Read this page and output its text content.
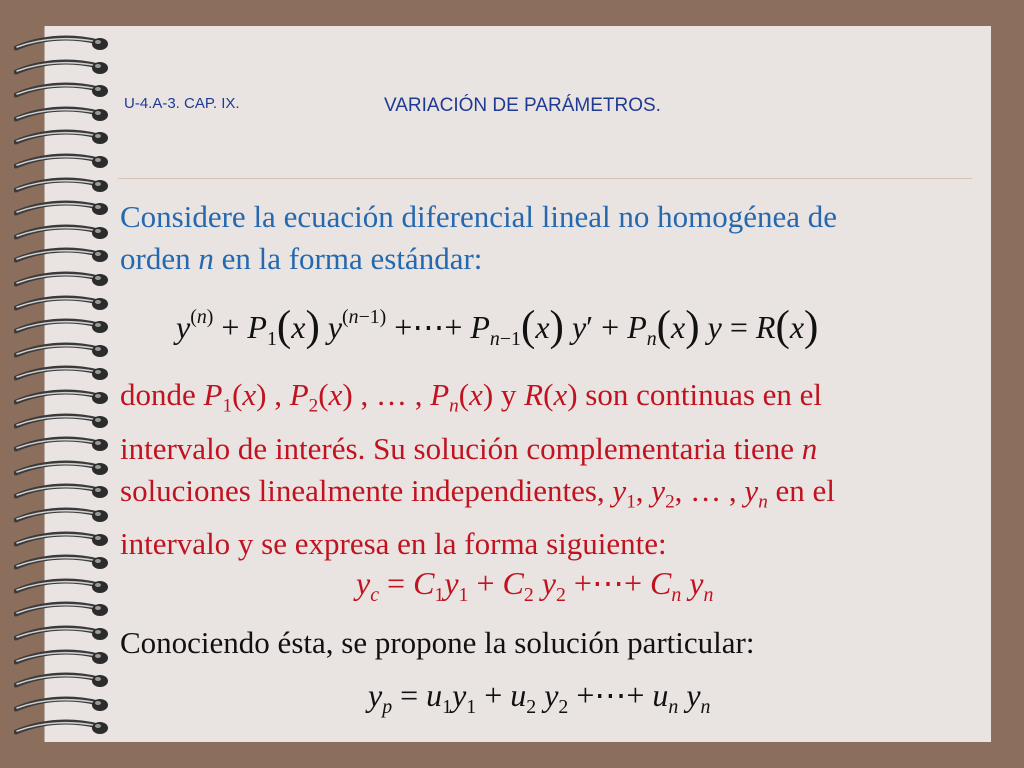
U-4.A-3. CAP. IX.	VARIACIÓN DE PARÁMETROS.

Considere la ecuación diferencial lineal no homogénea de
orden n en la forma estándar:

$y^{(n)} + P_1(x)$ $y^{(n-1)}$ +⋯+ $P_{n-1}(x) y' + P_n(x) y = R(x)$

donde $P_1(x)$ , $P_2(x)$ , … , $P_n(x)$ y R(x) son continuas en el
intervalo de interés. Su solución complementaria tiene n
soluciones linealmente independientes, $y_1$, $y_2$, … , $y_n$ en el
intervalo y se expresa en la forma siguiente:

$y_c = C_1y_1 + C_2$ $y_2$ +⋯+ $C_n$ $y_n$

Conociendo ésta, se propone la solución particular:

$y_p = u_1y_1 + u_2$ $y_2$ +⋯+ $u_n$ $y_n$
